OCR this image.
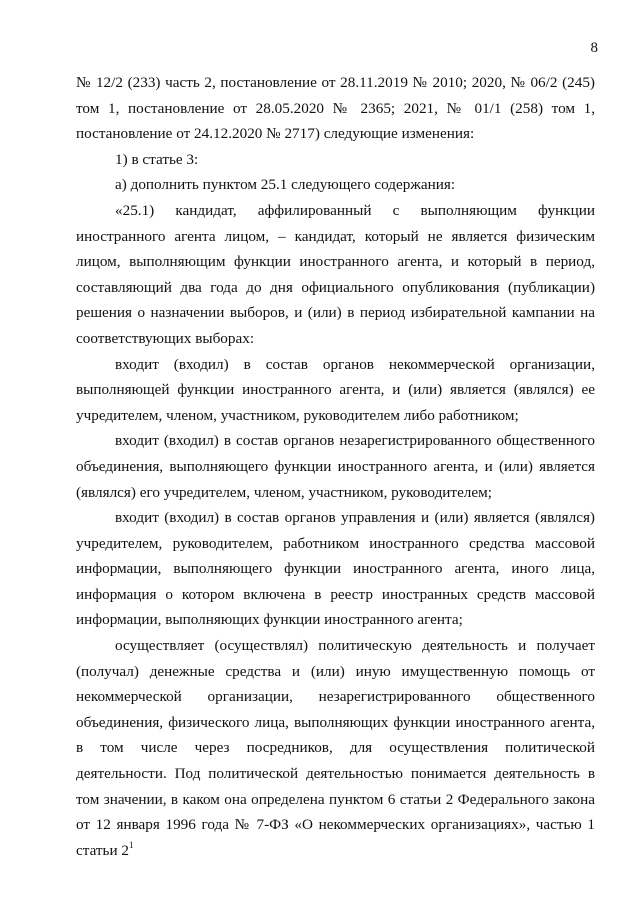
8

№ 12/2 (233) часть 2, постановление от 28.11.2019 № 2010; 2020, № 06/2 (245) том 1, постановление от 28.05.2020 № 2365; 2021, № 01/1 (258) том 1, постановление от 24.12.2020 № 2717) следующие изменения:

1) в статье 3:

а) дополнить пунктом 25.1 следующего содержания:

«25.1) кандидат, аффилированный с выполняющим функции иностранного агента лицом, – кандидат, который не является физическим лицом, выполняющим функции иностранного агента, и который в период, составляющий два года до дня официального опубликования (публикации) решения о назначении выборов, и (или) в период избирательной кампании на соответствующих выборах:

входит (входил) в состав органов некоммерческой организации, выполняющей функции иностранного агента, и (или) является (являлся) ее учредителем, членом, участником, руководителем либо работником;

входит (входил) в состав органов незарегистрированного общественного объединения, выполняющего функции иностранного агента, и (или) является (являлся) его учредителем, членом, участником, руководителем;

входит (входил) в состав органов управления и (или) является (являлся) учредителем, руководителем, работником иностранного средства массовой информации, выполняющего функции иностранного агента, иного лица, информация о котором включена в реестр иностранных средств массовой информации, выполняющих функции иностранного агента;

осуществляет (осуществлял) политическую деятельность и получает (получал) денежные средства и (или) иную имущественную помощь от некоммерческой организации, незарегистрированного общественного объединения, физического лица, выполняющих функции иностранного агента, в том числе через посредников, для осуществления политической деятельности. Под политической деятельностью понимается деятельность в том значении, в каком она определена пунктом 6 статьи 2 Федерального закона от 12 января 1996 года № 7-ФЗ «О некоммерческих организациях», частью 1 статьи $2^1$
